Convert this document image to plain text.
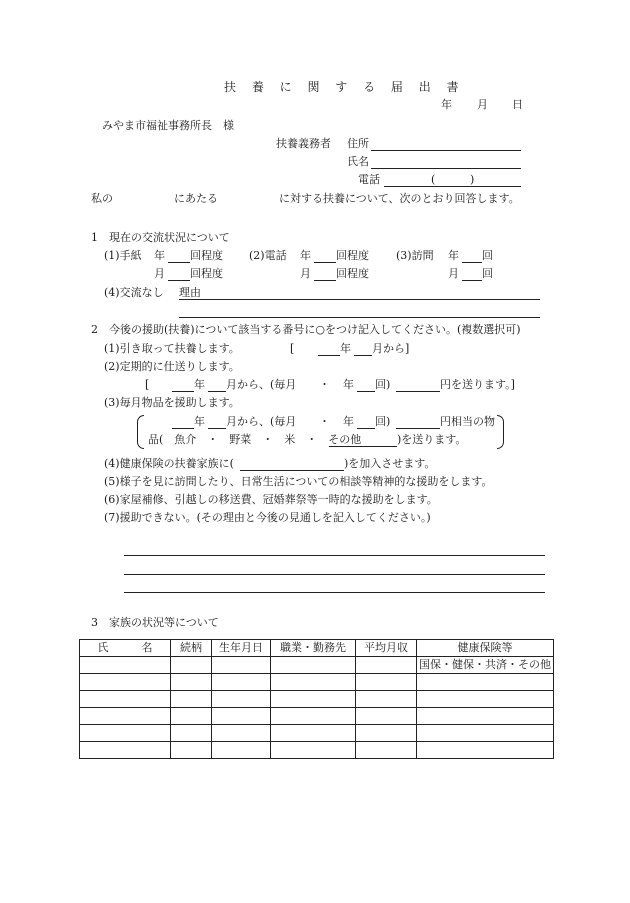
扶 養 に 関 す る 届 出 書
年 月 日
みやま市福祉事務所長　様
扶養義務者 住所
氏名
電話	(	)
私の	にあたる	に対する扶養について、次のとおり回答します。
1　現在の交流状況について
(1)手紙 年 回程度 (2)電話 年 回程度 (3)訪問 年 回
月 回程度	月 回程度	月 回
(4)交流なし 理由
2　今後の援助(扶養)について該当する番号に○をつけ記入してください。(複数選択可)
(1)引き取って扶養します。	[	年 月から]
(2)定期的に仕送りします。
[	年 月から、(毎月 ・ 年 回)	円を送ります。]
(3)毎月物品を援助します。
年 月から、(毎月 ・ 年 回)	円相当の物
品(　魚介　・　野菜　・　米　・　その他	)を送ります。
(4)健康保険の扶養家族に(	)を加入させます。
(5)様子を見に訪問したり、日常生活についての相談等精神的な援助をします。
(6)家屋補修、引越しの移送費、冠婚葬祭等一時的な援助をします。
(7)援助できない。(その理由と今後の見通しを記入してください。)
3　家族の状況等について
氏　　　名	続柄	生年月日	職業・勤務先	平均月収	健康保険等
					国保・健保・共済・その他
